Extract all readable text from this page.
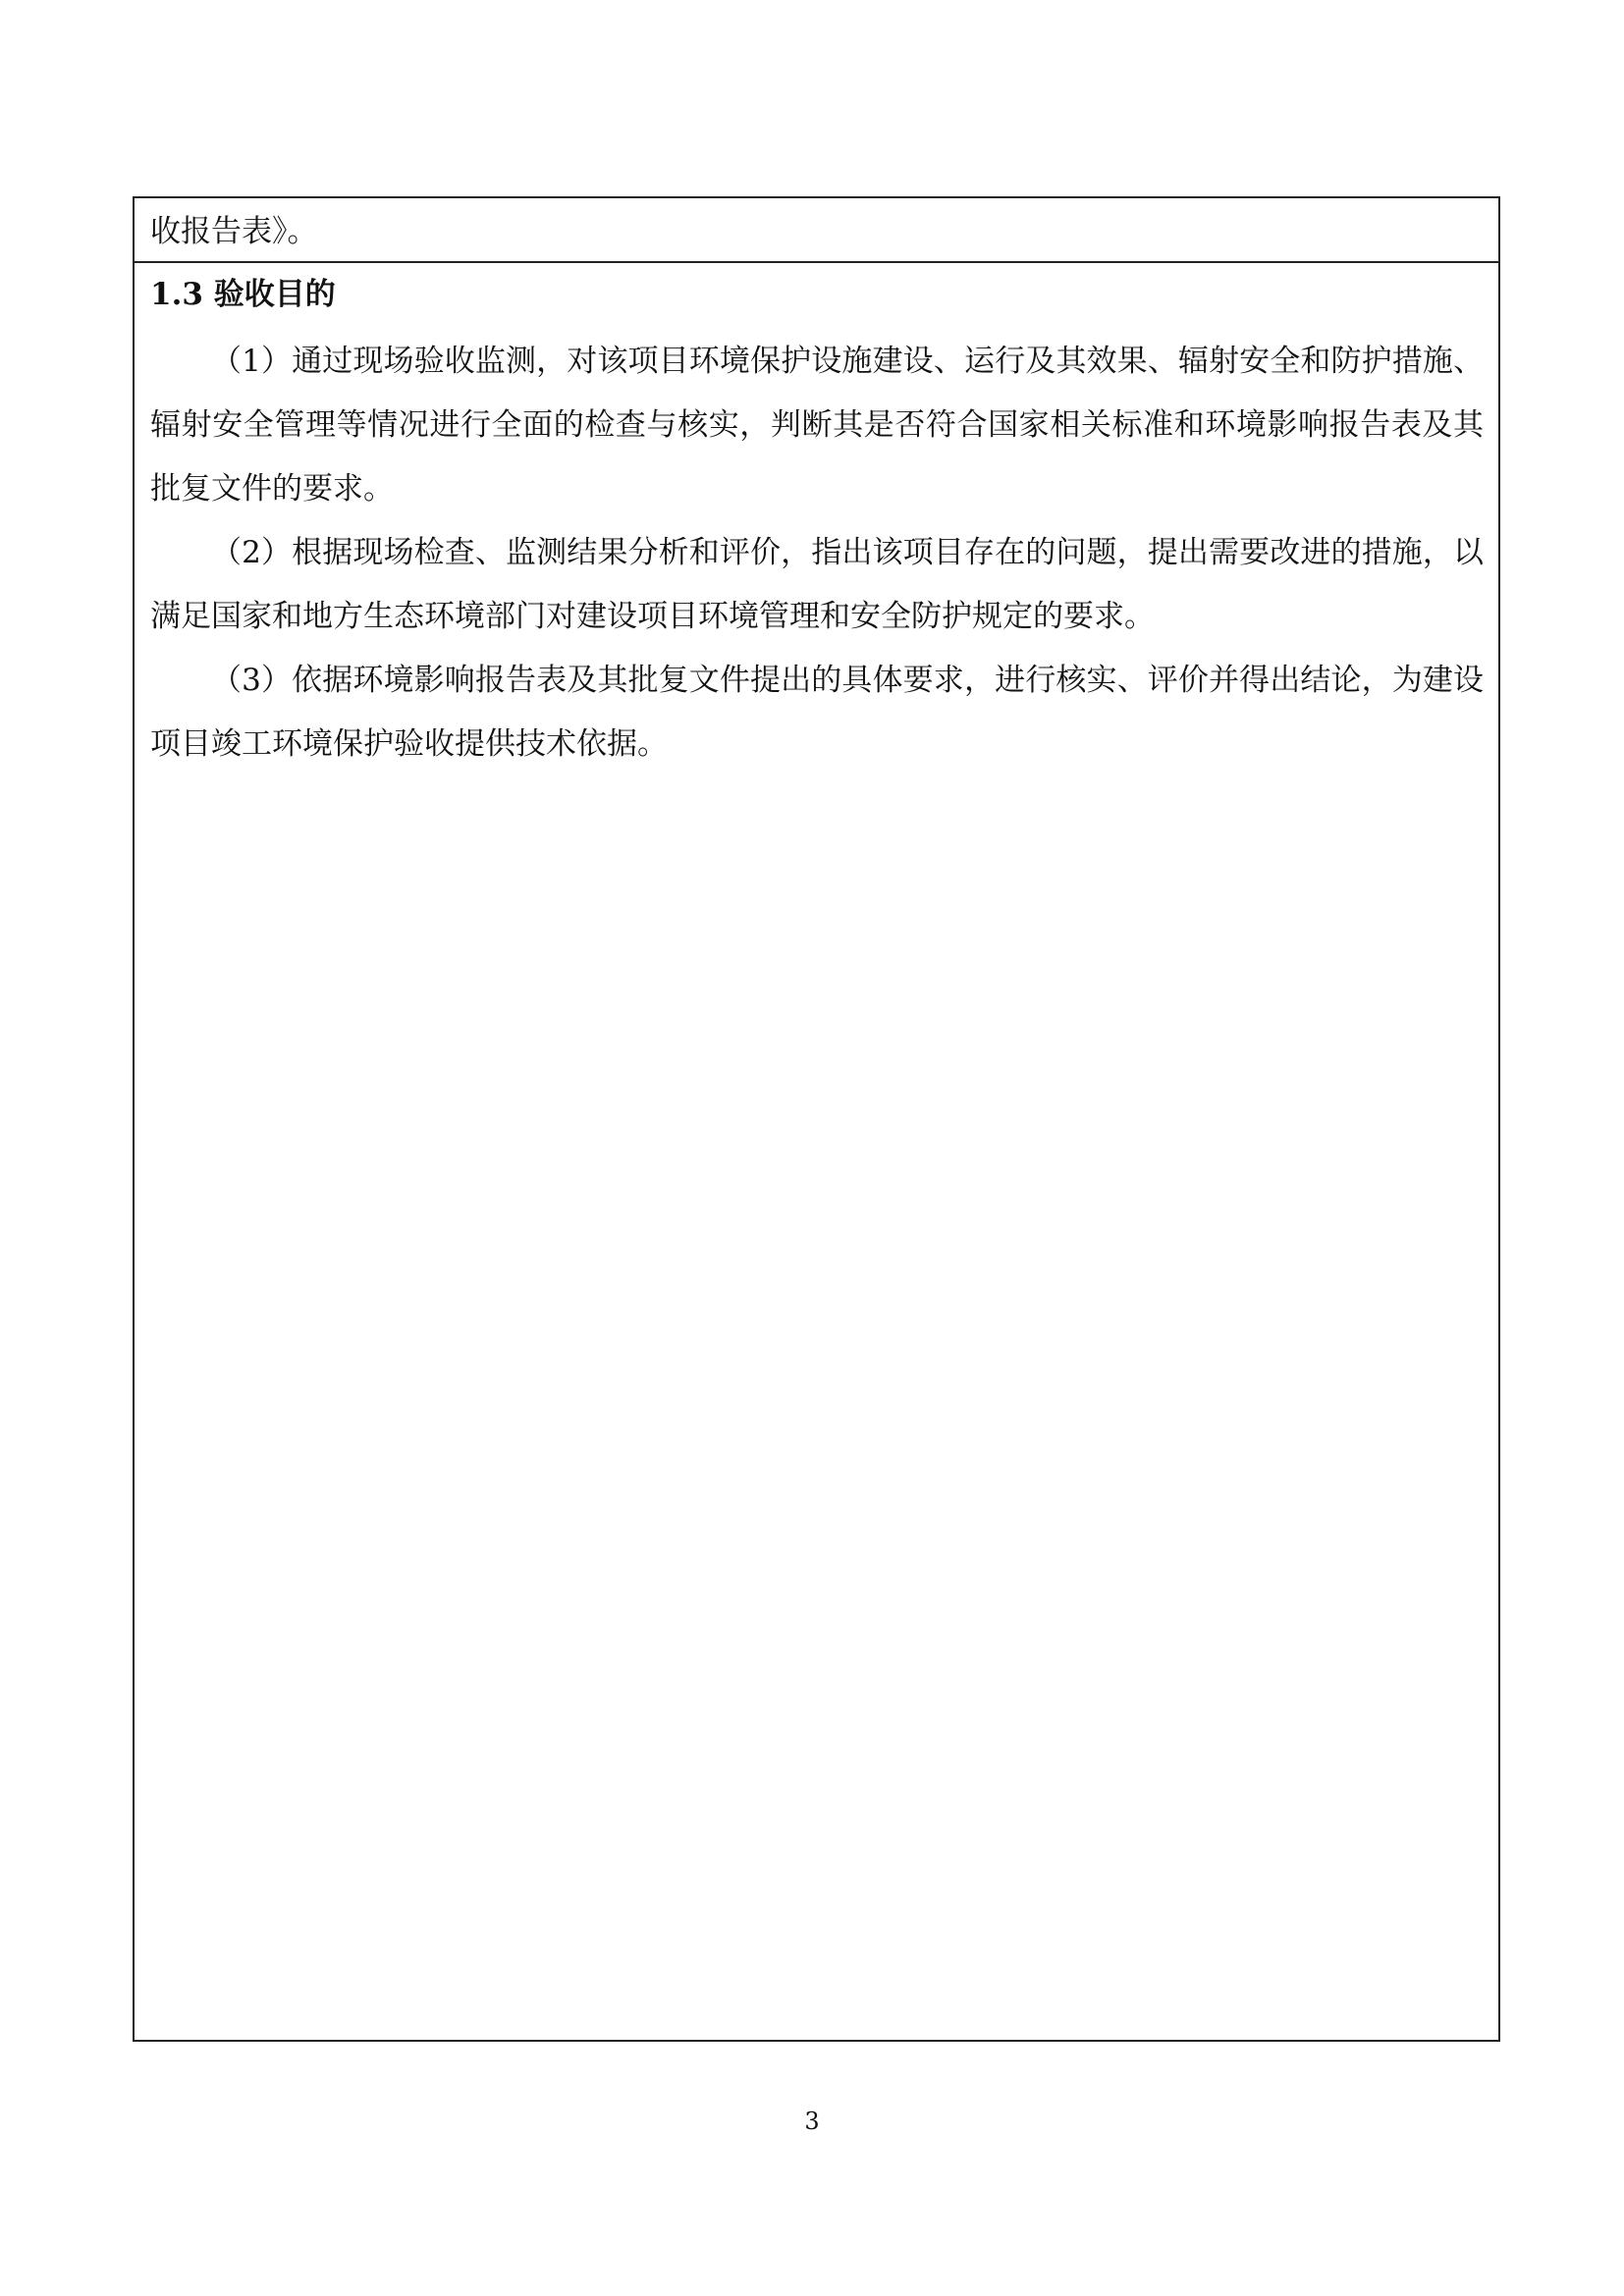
收报告表》。
1.3 验收目的

（1）通过现场验收监测，对该项目环境保护设施建设、运行及其效果、辐射安全和防护措施、辐射安全管理等情况进行全面的检查与核实，判断其是否符合国家相关标准和环境影响报告表及其批复文件的要求。

（2）根据现场检查、监测结果分析和评价，指出该项目存在的问题，提出需要改进的措施，以满足国家和地方生态环境部门对建设项目环境管理和安全防护规定的要求。

（3）依据环境影响报告表及其批复文件提出的具体要求，进行核实、评价并得出结论，为建设项目竣工环境保护验收提供技术依据。

3
